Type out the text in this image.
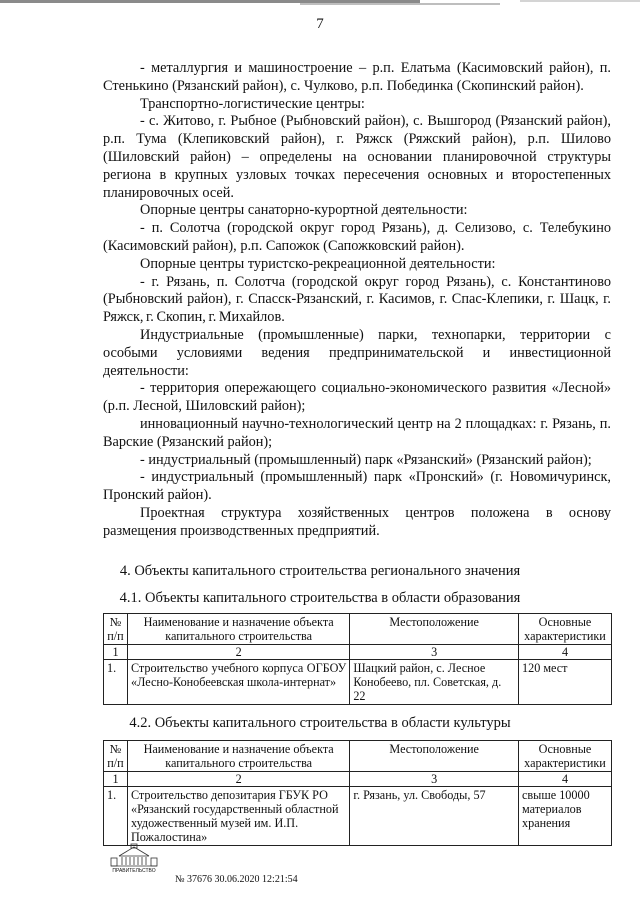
7

- металлургия и машиностроение – р.п. Елатьма (Касимовский район), п. Стенькино (Рязанский район), с. Чулково, р.п. Побединка (Скопинский район).

Транспортно-логистические центры:

- с. Житово, г. Рыбное (Рыбновский район), с. Вышгород (Рязанский район), р.п. Тума (Клепиковский район), г. Ряжск (Ряжский район), р.п. Шилово (Шиловский район) – определены на основании планировочной структуры региона в крупных узловых точках пересечения основных и второстепенных планировочных осей.

Опорные центры санаторно-курортной деятельности:

- п. Солотча (городской округ город Рязань), д. Селизово, с. Телебукино (Касимовский район), р.п. Сапожок (Сапожковский район).

Опорные центры туристско-рекреационной деятельности:

- г. Рязань, п. Солотча (городской округ город Рязань), с. Константиново (Рыбновский район), г. Спасск-Рязанский, г. Касимов, г. Спас-Клепики, г. Шацк, г. Ряжск, г. Скопин, г. Михайлов.

Индустриальные (промышленные) парки, технопарки, территории с особыми условиями ведения предпринимательской и инвестиционной деятельности:

- территория опережающего социально-экономического развития «Лесной» (р.п. Лесной, Шиловский район);

инновационный научно-технологический центр на 2 площадках: г. Рязань, п. Варские (Рязанский район);

- индустриальный (промышленный) парк «Рязанский» (Рязанский район);

- индустриальный (промышленный) парк «Пронский» (г. Новомичуринск, Пронский район).

Проектная структура хозяйственных центров положена в основу размещения производственных предприятий.

4. Объекты капитального строительства регионального значения
4.1. Объекты капитального строительства в области образования
№ п/п	Наименование и назначение объекта капитального строительства	Местоположение	Основные характеристики
1	2	3	4
1.	Строительство учебного корпуса ОГБОУ «Лесно-Конобеевская школа-интернат»	Шацкий район, с. Лесное Конобеево, пл. Советская, д. 22	120 мест
4.2. Объекты капитального строительства в области культуры
№ п/п	Наименование и назначение объекта капитального строительства	Местоположение	Основные характеристики
1	2	3	4
1.	Строительство депозитария ГБУК РО «Рязанский государственный областной художественный музей им. И.П. Пожалостина»	г. Рязань, ул. Свободы, 57	свыше 10000 материалов хранения
ПРАВИТЕЛЬСТВО
№ 37676 30.06.2020 12:21:54
